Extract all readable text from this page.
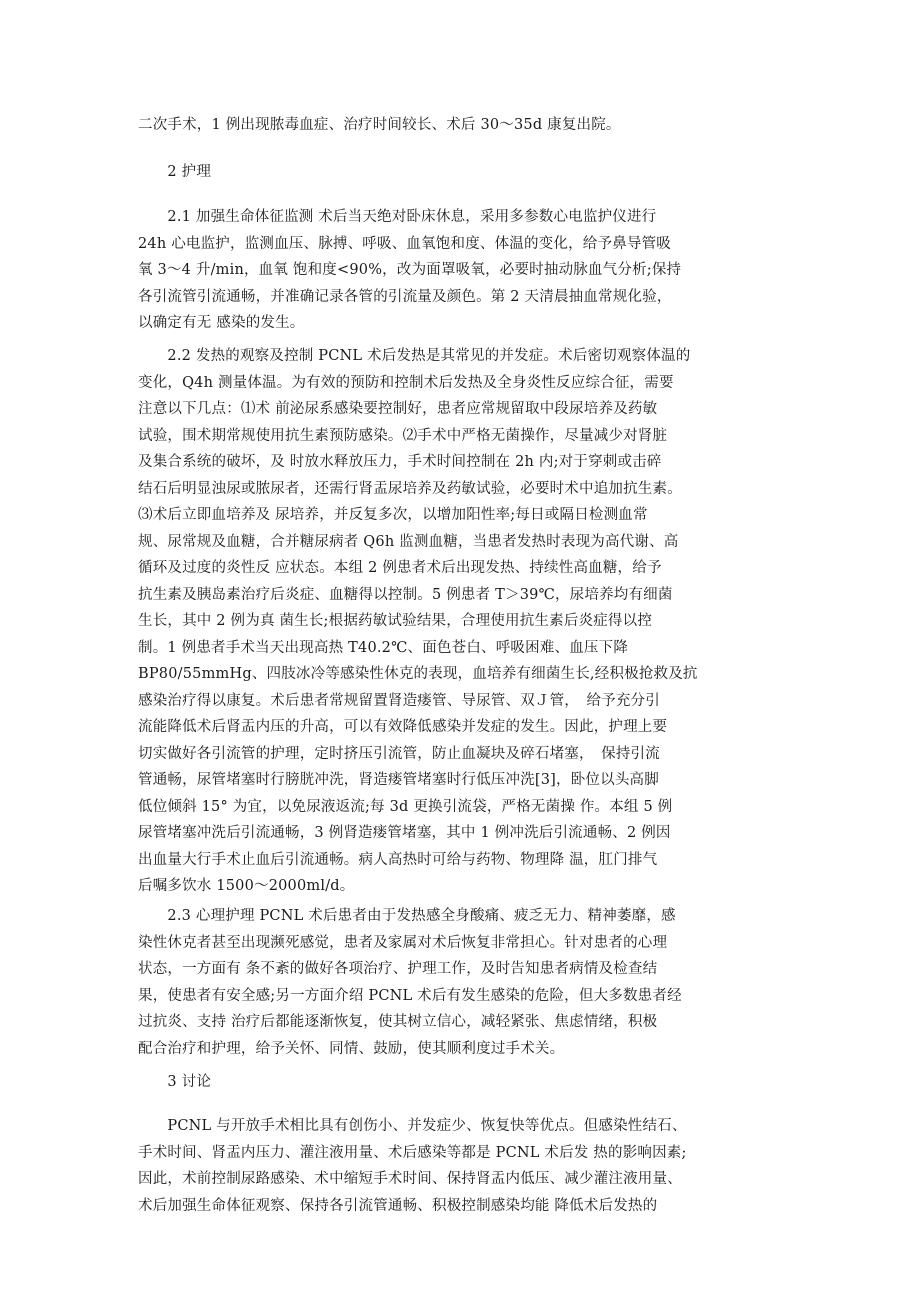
二次手术，1 例出现脓毒血症、治疗时间较长、术后 30～35d 康复出院。

　　2 护理

　　2.1 加强生命体征监测 术后当天绝对卧床休息，采用多参数心电监护仪进行
24h 心电监护，监测血压、脉搏、呼吸、血氧饱和度、体温的变化，给予鼻导管吸
氧 3～4 升/min，血氧 饱和度<90%，改为面罩吸氧，必要时抽动脉血气分析;保持
各引流管引流通畅，并准确记录各管的引流量及颜色。第 2 天清晨抽血常规化验，
以确定有无 感染的发生。

　　2.2 发热的观察及控制 PCNL 术后发热是其常见的并发症。术后密切观察体温的
变化，Q4h 测量体温。为有效的预防和控制术后发热及全身炎性反应综合征，需要
注意以下几点：⑴术 前泌尿系感染要控制好，患者应常规留取中段尿培养及药敏
试验，围术期常规使用抗生素预防感染。⑵手术中严格无菌操作，尽量减少对肾脏
及集合系统的破坏，及 时放水释放压力，手术时间控制在 2h 内;对于穿刺或击碎
结石后明显浊尿或脓尿者，还需行肾盂尿培养及药敏试验，必要时术中追加抗生素。
⑶术后立即血培养及 尿培养，并反复多次，以增加阳性率;每日或隔日检测血常
规、尿常规及血糖，合并糖尿病者 Q6h 监测血糖，当患者发热时表现为高代谢、高
循环及过度的炎性反 应状态。本组 2 例患者术后出现发热、持续性高血糖，给予
抗生素及胰岛素治疗后炎症、血糖得以控制。5 例患者 T＞39℃，尿培养均有细菌
生长，其中 2 例为真 菌生长;根据药敏试验结果，合理使用抗生素后炎症得以控
制。1 例患者手术当天出现高热 T40.2℃、面色苍白、呼吸困难、血压下降
BP80/55mmHg、四肢冰冷等感染性休克的表现，血培养有细菌生长,经积极抢救及抗
感染治疗得以康复。术后患者常规留置肾造瘘管、导尿管、双Ｊ管，　给予充分引
流能降低术后肾盂内压的升高，可以有效降低感染并发症的发生。因此，护理上要
切实做好各引流管的护理，定时挤压引流管，防止血凝块及碎石堵塞，　保持引流
管通畅，尿管堵塞时行膀胱冲洗，肾造瘘管堵塞时行低压冲洗[3]，卧位以头高脚
低位倾斜 15° 为宜，以免尿液返流;每 3d 更换引流袋，严格无菌操 作。本组 5 例
尿管堵塞冲洗后引流通畅，3 例肾造瘘管堵塞，其中 1 例冲洗后引流通畅、2 例因
出血量大行手术止血后引流通畅。病人高热时可给与药物、物理降 温，肛门排气
后嘱多饮水 1500～2000ml/d。

　　2.3 心理护理 PCNL 术后患者由于发热感全身酸痛、疲乏无力、精神萎靡，感
染性休克者甚至出现濒死感觉，患者及家属对术后恢复非常担心。针对患者的心理
状态，一方面有 条不紊的做好各项治疗、护理工作，及时告知患者病情及检查结
果，使患者有安全感;另一方面介绍 PCNL 术后有发生感染的危险，但大多数患者经
过抗炎、支持 治疗后都能逐渐恢复，使其树立信心，减轻紧张、焦虑情绪，积极
配合治疗和护理，给予关怀、同情、鼓励，使其顺利度过手术关。

　　3 讨论

　　PCNL 与开放手术相比具有创伤小、并发症少、恢复快等优点。但感染性结石、
手术时间、肾盂内压力、灌注液用量、术后感染等都是 PCNL 术后发 热的影响因素;
因此，术前控制尿路感染、术中缩短手术时间、保持肾盂内低压、减少灌注液用量、
术后加强生命体征观察、保持各引流管通畅、积极控制感染均能 降低术后发热的
